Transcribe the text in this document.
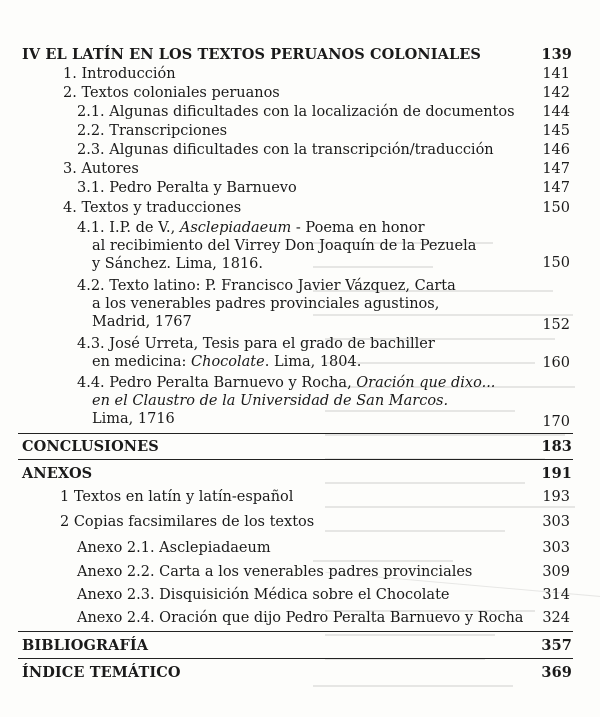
IV EL LATÍN EN LOS TEXTOS PERUANOS COLONIALES	139
1. Introducción	141
2. Textos coloniales peruanos	142
2.1. Algunas dificultades con la localización de documentos	144
2.2. Transcripciones	145
2.3. Algunas dificultades con la transcripción/traducción	146
3. Autores	147
3.1. Pedro Peralta y Barnuevo	147
4. Textos y traducciones	150
4.1. I.P. de V., Asclepiadaeum - Poema en honor
al recibimiento del Virrey Don Joaquín de la Pezuela
y Sánchez. Lima, 1816.	150
4.2. Texto latino: P. Francisco Javier Vázquez, Carta
a los venerables padres provinciales agustinos,
Madrid, 1767	152
4.3. José Urreta, Tesis para el grado de bachiller
en medicina: Chocolate. Lima, 1804.	160
4.4. Pedro Peralta Barnuevo y Rocha, Oración que dixo...
en el Claustro de la Universidad de San Marcos.
Lima, 1716	170
CONCLUSIONES	183
ANEXOS	191
1 Textos en latín y latín-español	193
2 Copias facsimilares de los textos	303
Anexo 2.1. Asclepiadaeum	303
Anexo 2.2. Carta a los venerables padres provinciales	309
Anexo 2.3. Disquisición Médica sobre el Chocolate	314
Anexo 2.4. Oración que dijo Pedro Peralta Barnuevo y Rocha	324
BIBLIOGRAFÍA	357
ÍNDICE TEMÁTICO	369
